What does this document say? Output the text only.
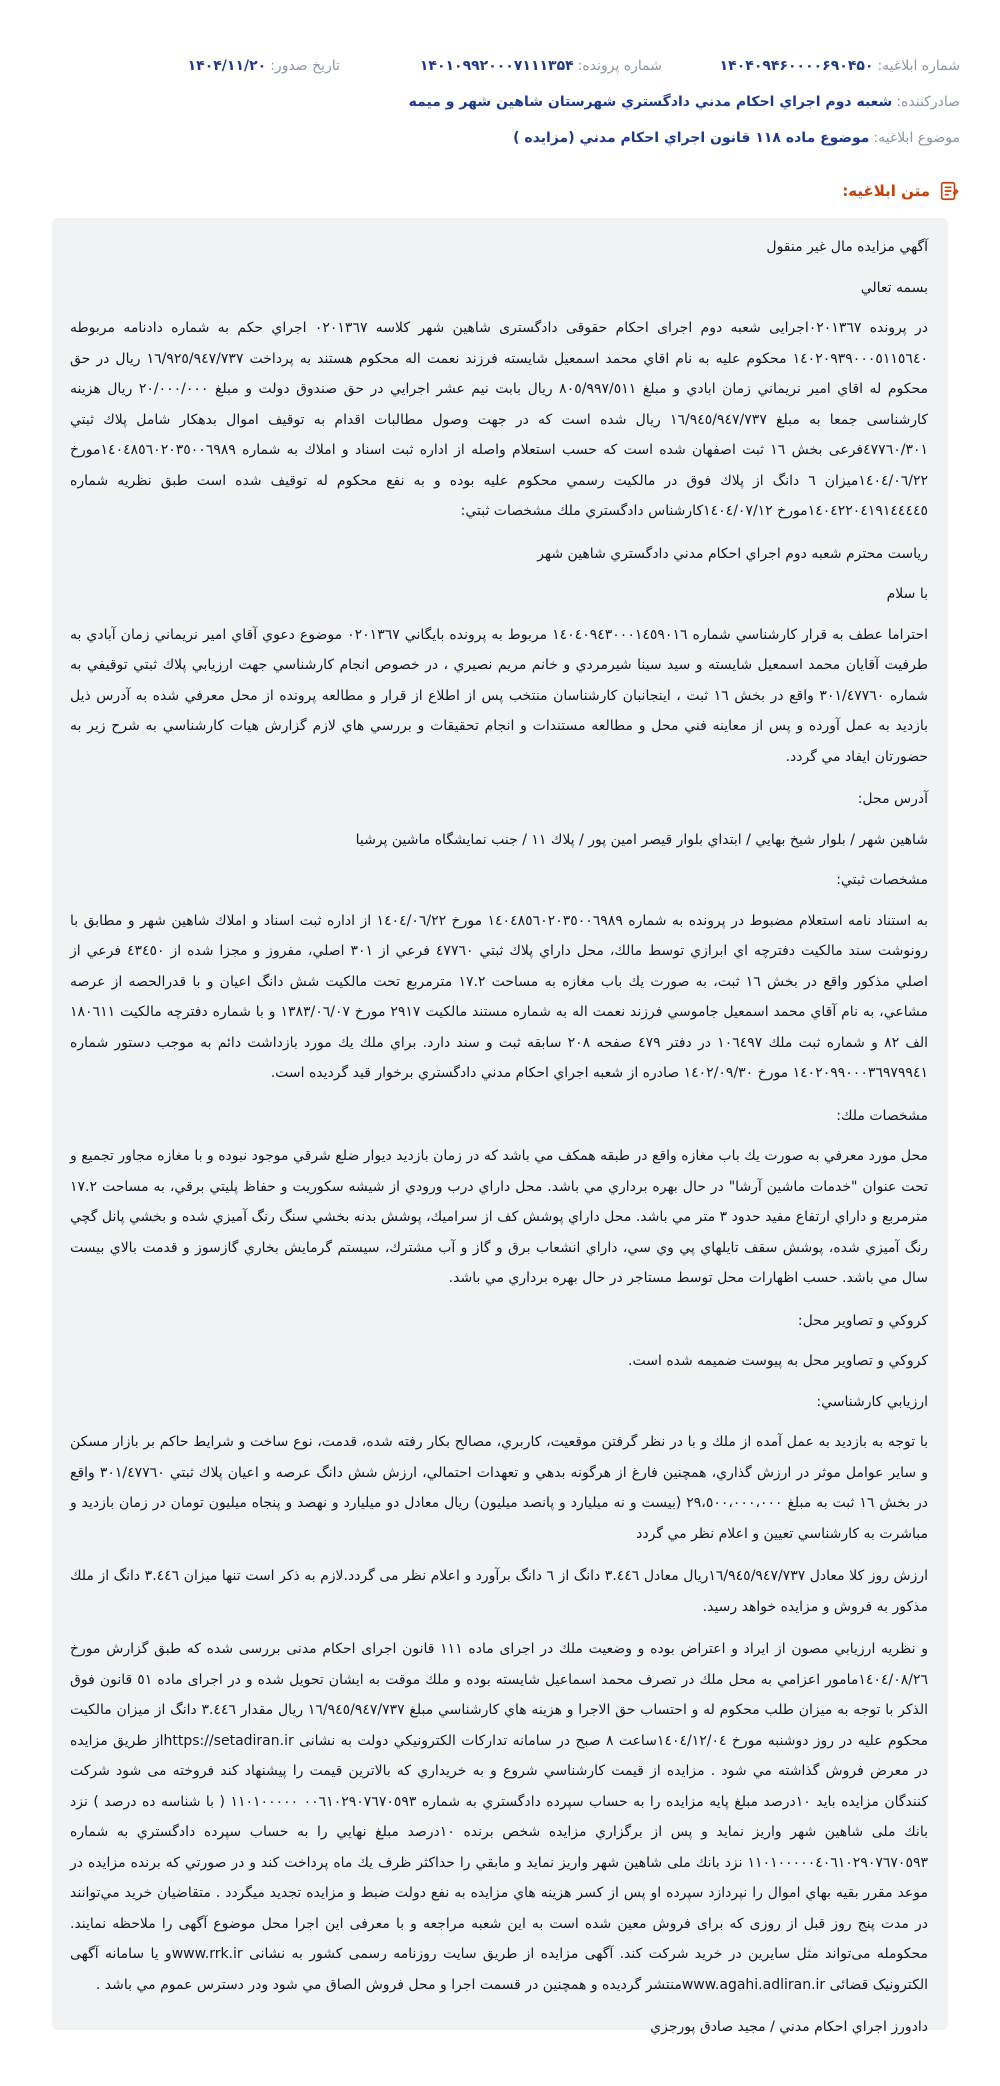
شماره ابلاغیه:
۱۴۰۴۰۹۴۶۰۰۰۰۶۹۰۴۵۰
شماره پرونده:
۱۴۰۱۰۹۹۲۰۰۰۷۱۱۱۳۵۴
تاریخ صدور:
۱۴۰۴/۱۱/۲۰
صادرکننده:
شعبه دوم اجراي احكام مدني دادگستري شهرستان شاهين شهر و ميمه
موضوع ابلاغیه:
موضوع ماده ۱۱۸ قانون اجراي احكام مدني (مزايده )
متن ابلاغیه:

آگهي مزايده مال غير منقول

بسمه تعالي

در پرونده ٠٢٠١٣٦٧اجرایی شعبه دوم اجرای احکام حقوقی دادگستری شاهین شهر کلاسه ٠٢٠١٣٦٧ اجراي حكم به شماره دادنامه مربوطه ١٤٠٢٠٩٣٩٠٠٠٥١١٥٦٤٠ محكوم عليه به نام اقاي محمد اسمعيل شايسته فرزند نعمت اله محكوم هستند به پرداخت ١٦/٩٢٥/٩٤٧/٧٣٧ ريال در حق محكوم له اقاي امير نريماني زمان ابادي و مبلغ ٨٠٥/٩٩٧/٥١١ ريال بابت نيم عشر اجرايي در حق صندوق دولت و مبلغ ٢٠/٠٠٠/٠٠٠ ريال هزینه کارشناسی جمعا به مبلغ ١٦/٩٤٥/٩٤٧/٧٣٧ ريال شده است كه در جهت وصول مطالبات اقدام به توقيف اموال بدهكار شامل پلاك ثبتي ٤٧٧٦٠/٣٠١فرعی بخش ١٦ ثبت اصفهان شده است كه حسب استعلام واصله از اداره ثبت اسناد و املاك به شماره ١٤٠٤٨٥٦٠٢٠٣٥٠٠٦٩٨٩مورخ ١٤٠٤/٠٦/٢٢میزان ٦ دانگ از پلاك فوق در مالكيت رسمي محكوم عليه بوده و به نفع محكوم له توقيف شده است طبق نظريه شماره ١٤٠٤٢٢٠٤١٩١٤٤٤٤٥مورخ ١٤٠٤/٠٧/١٢كارشناس دادگستري ملك مشخصات ثبتي:

رياست محترم شعبه دوم اجراي احكام مدني دادگستري شاهين شهر

با سلام

احتراما عطف به قرار كارشناسي شماره ١٤٠٤٠٩٤٣٠٠٠١٤٥٩٠١٦ مربوط به پرونده بايگاني ٠٢٠١٣٦٧ موضوع دعوي آقاي امير نريماني زمان آبادي به طرفيت آقايان محمد اسمعيل شايسته و سيد سينا شيرمردي و خانم مريم نصيري ، در خصوص انجام كارشناسي جهت ارزيابي پلاك ثبتي توقيفي به شماره ٣٠١/٤٧٧٦٠ واقع در بخش ١٦ ثبت ، اينجانبان كارشناسان منتخب پس از اطلاع از قرار و مطالعه پرونده از محل معرفي شده به آدرس ذيل بازديد به عمل آورده و پس از معاينه فني محل و مطالعه مستندات و انجام تحقيقات و بررسي هاي لازم گزارش هيات كارشناسي به شرح زير به حضورتان ايفاد مي گردد.

آدرس محل:

شاهين شهر / بلوار شيخ بهايي / ابتداي بلوار قيصر امين پور / پلاك ١١ / جنب نمايشگاه ماشين پرشيا

مشخصات ثبتي:

به استناد نامه استعلام مضبوط در پرونده به شماره ١٤٠٤٨٥٦٠٢٠٣٥٠٠٦٩٨٩ مورخ ١٤٠٤/٠٦/٢٢ از اداره ثبت اسناد و املاك شاهين شهر و مطابق با رونوشت سند مالكيت دفترچه اي ابرازي توسط مالك، محل داراي پلاك ثبتي ٤٧٧٦٠ فرعي از ٣٠١ اصلي، مفروز و مجزا شده از ٤٣٤٥٠ فرعي از اصلي مذكور واقع در بخش ١٦ ثبت، به صورت يك باب مغازه به مساحت ١٧.٢ مترمربع تحت مالكيت شش دانگ اعيان و با قدرالحصه از عرصه مشاعي، به نام آقاي محمد اسمعيل جاموسي فرزند نعمت اله به شماره مستند مالكيت ٢٩١٧ مورخ ١٣٨٣/٠٦/٠٧ و با شماره دفترچه مالكيت ١٨٠٦١١ الف ٨٢ و شماره ثبت ملك ١٠٦٤٩٧ در دفتر ٤٧٩ صفحه ٢٠٨ سابقه ثبت و سند دارد. براي ملك يك مورد بازداشت دائم به موجب دستور شماره ١٤٠٢٠٩٩٠٠٠٣٦٩٧٩٩٤١ مورخ ١٤٠٢/٠٩/٣٠ صادره از شعبه اجراي احكام مدني دادگستري برخوار قيد گرديده است.

مشخصات ملك:

محل مورد معرفي به صورت يك باب مغازه واقع در طبقه همكف مي باشد كه در زمان بازديد ديوار ضلع شرقي موجود نبوده و با مغازه مجاور تجميع و تحت عنوان "خدمات ماشين آرشا" در حال بهره برداري مي باشد. محل داراي درب ورودي از شيشه سكوريت و حفاظ پليتي برقي، به مساحت ١٧.٢ مترمربع و داراي ارتفاع مفيد حدود ٣ متر مي باشد. محل داراي پوشش كف از سراميك، پوشش بدنه بخشي سنگ رنگ آميزي شده و بخشي پانل گچي رنگ آميزي شده، پوشش سقف تايلهاي پي وي سي، داراي انشعاب برق و گاز و آب مشترك، سيستم گرمايش بخاري گازسوز و قدمت بالاي بيست سال مي باشد. حسب اظهارات محل توسط مستاجر در حال بهره برداري مي باشد.

كروكي و تصاوير محل:

كروكي و تصاوير محل به پيوست ضميمه شده است.

ارزيابي كارشناسي:

با توجه به بازديد به عمل آمده از ملك و با در نظر گرفتن موقعيت، كاربري، مصالح بكار رفته شده، قدمت، نوع ساخت و شرايط حاكم بر بازار مسكن و ساير عوامل موثر در ارزش گذاري، همچنين فارغ از هرگونه بدهي و تعهدات احتمالي، ارزش شش دانگ عرصه و اعيان پلاك ثبتي ٣٠١/٤٧٧٦٠ واقع در بخش ١٦ ثبت به مبلغ ٢٩،٥٠٠،٠٠٠،٠٠٠ (بيست و نه ميليارد و پانصد ميليون) ريال معادل دو ميليارد و نهصد و پنجاه ميليون تومان در زمان بازديد و مباشرت به كارشناسي تعيين و اعلام نظر مي گردد

ارزش روز كلا معادل ١٦/٩٤٥/٩٤٧/٧٣٧ريال معادل ٣.٤٤٦ دانگ از ٦ دانگ برآورد و اعلام نظر می گردد.لازم به ذكر است تنها ميزان ٣.٤٤٦ دانگ از ملك مذكور به فروش و مزايده خواهد رسيد.

و نظريه ارزيابي مصون از ايراد و اعتراض بوده و وضعيت ملك در اجرای ماده ١١١ قانون اجرای احکام مدنی بررسی شده كه طبق گزارش مورخ ١٤٠٤/٠٨/٢٦مامور اعزامي به محل ملك در تصرف محمد اسماعيل شايسته بوده و ملك موقت به ايشان تحويل شده و در اجرای ماده ٥١ قانون فوق الذكر با توجه به ميزان طلب محكوم له و احتساب حق الاجرا و هزينه هاي كارشناسي مبلغ ١٦/٩٤٥/٩٤٧/٧٣٧ ريال مقدار ٣.٤٤٦ دانگ از ميزان مالكيت محكوم عليه در روز دوشنبه مورخ ١٤٠٤/١٢/٠٤ساعت ٨ صبح در سامانه تداركات الكترونيكي دولت به نشانی https://setadiran.irاز طریق مزایده در معرض فروش گذاشته مي شود . مزايده از قيمت كارشناسي شروع و به خريداري كه بالاترين قيمت را پيشنهاد كند فروخته می شود شركت كنندگان مزايده بايد ١٠درصد مبلغ پايه مزايده را به حساب سپرده دادگستري به شماره ٠٠٦١٠٢٩٠٧٦٧٠٥٩٣ ١١٠١٠٠٠٠٠ ( با شناسه ده درصد ) نزد بانك ملی شاهين شهر واريز نمايد و پس از برگزاري مزايده شخص برنده ١٠درصد مبلغ نهايي را به حساب سپرده دادگستري به شماره ١١٠١٠٠٠٠٠٤٠٦١٠٢٩٠٧٦٧٠٥٩٣ نزد بانك ملی شاهين شهر واريز نمايد و مابقي را حداكثر ظرف يك ماه پرداخت كند و در صورتي كه برنده مزايده در موعد مقرر بقيه بهاي اموال را نپردازد سپرده او پس از كسر هزينه هاي مزايده به نفع دولت ضبط و مزايده تجديد ميگردد . متقاضيان خريد مي‌توانند در مدت پنج روز قبل از روزی که برای فروش معین شده است به این شعبه مراجعه و با معرفی این اجرا محل موضوع آگهی را ملاحظه نمایند. محکومله می‌تواند مثل سایرین در خرید شرکت کند. آگهی مزایده از طریق سایت روزنامه رسمی کشور به نشانی www.rrk.irو یا سامانه آگهی الکترونیک قضائی www.agahi.adliran.irمنتشر گردیده و همچنین در قسمت اجرا و محل فروش الصاق مي شود ودر دسترس عموم مي باشد .

دادورز اجراي احكام مدني / مجيد صادق پورجزي
